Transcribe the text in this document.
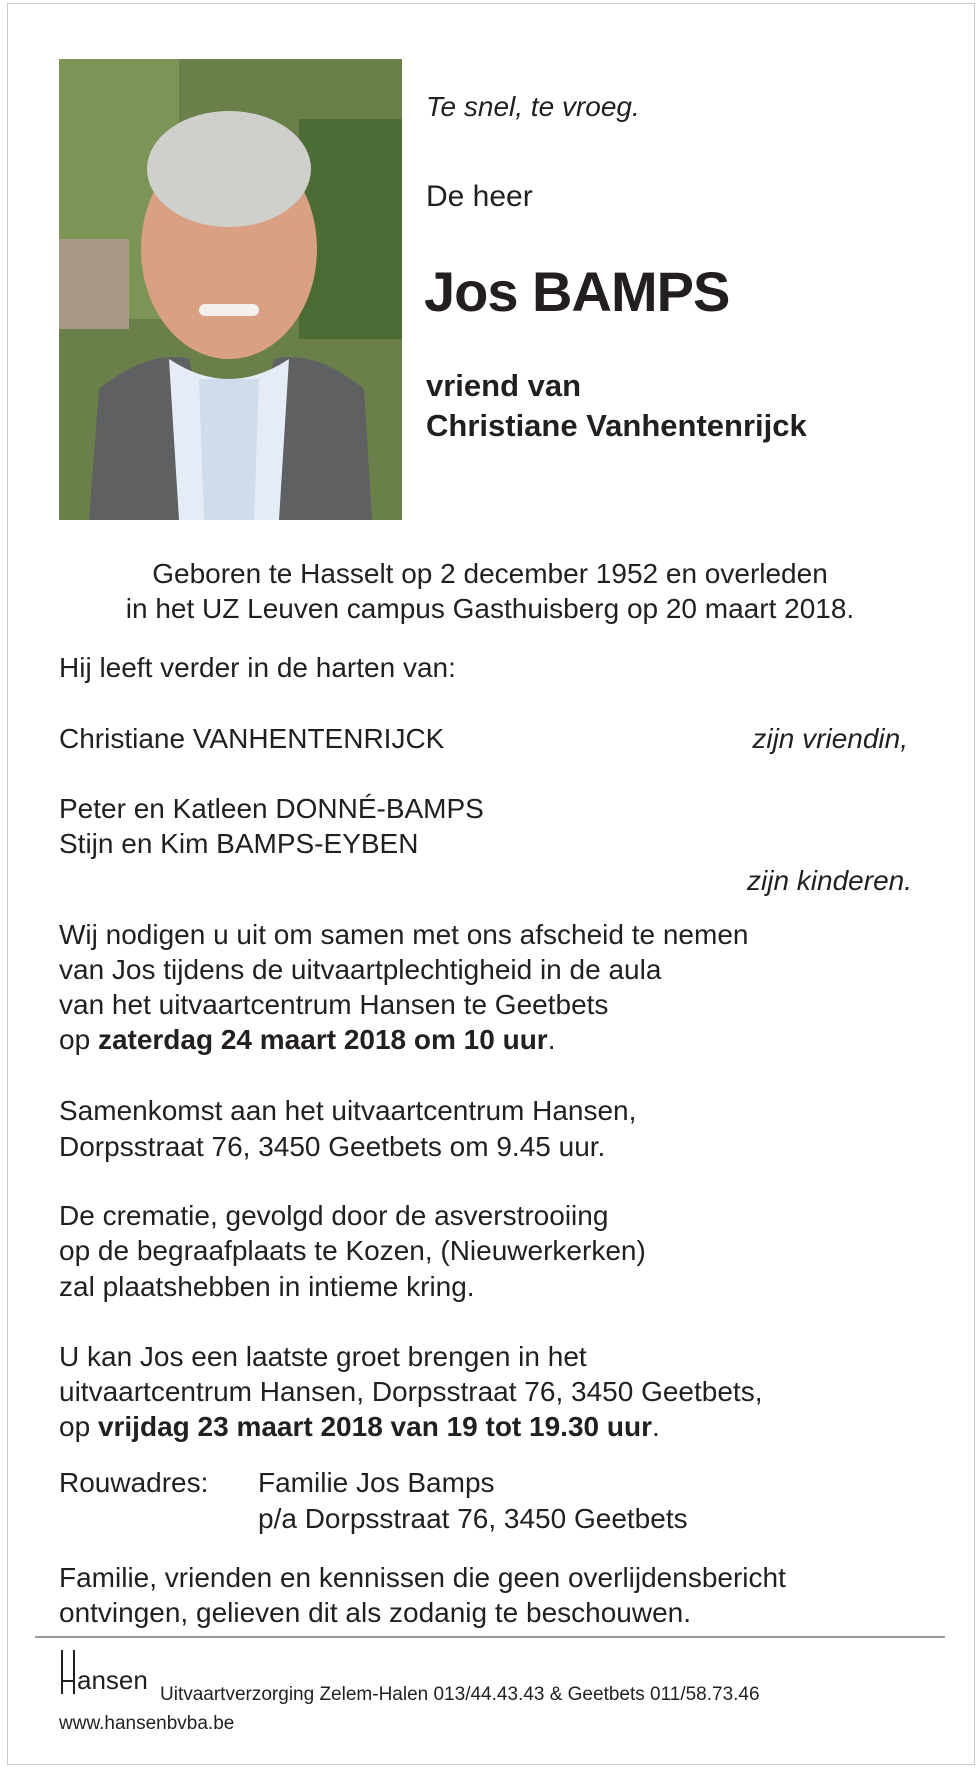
Te snel, te vroeg.
De heer
Jos BAMPS
vriend van
Christiane Vanhentenrijck
Geboren te Hasselt op 2 december 1952 en overleden
in het UZ Leuven campus Gasthuisberg op 20 maart 2018.
Hij leeft verder in de harten van:
Christiane VANHENTENRIJCK	zijn vriendin,
Peter en Katleen DONNÉ-BAMPS
Stijn en Kim BAMPS-EYBEN
zijn kinderen.
Wij nodigen u uit om samen met ons afscheid te nemen
van Jos tijdens de uitvaartplechtigheid in de aula
van het uitvaartcentrum Hansen te Geetbets
op zaterdag 24 maart 2018 om 10 uur.
Samenkomst aan het uitvaartcentrum Hansen,
Dorpsstraat 76, 3450 Geetbets om 9.45 uur.
De crematie, gevolgd door de asverstrooiing
op de begraafplaats te Kozen, (Nieuwerkerken)
zal plaatshebben in intieme kring.
U kan Jos een laatste groet brengen in het
uitvaartcentrum Hansen, Dorpsstraat 76, 3450 Geetbets,
op vrijdag 23 maart 2018 van 19 tot 19.30 uur.
Rouwadres: Familie Jos Bamps
p/a Dorpsstraat 76, 3450 Geetbets
Familie, vrienden en kennissen die geen overlijdensbericht
ontvingen, gelieven dit als zodanig te beschouwen.
ansen Uitvaartverzorging Zelem-Halen 013/44.43.43 & Geetbets 011/58.73.46
www.hansenbvba.be
